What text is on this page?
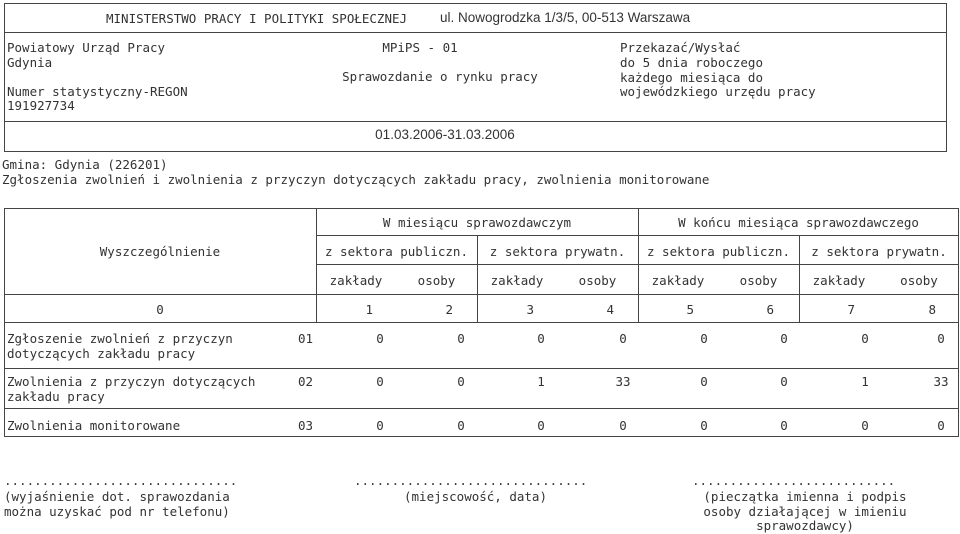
MINISTERSTWO PRACY I POLITYKI SPOŁECZNEJ ul. Nowogrodzka 1/3/5, 00-513 Warszawa
Powiatowy Urząd Pracy
Gdynia
Numer statystyczny-REGON
191927734
MPiPS - 01
Sprawozdanie o rynku pracy
Przekazać/Wysłać
do 5 dnia roboczego
każdego miesiąca do
wojewódzkiego urzędu pracy
01.03.2006-31.03.2006
Gmina: Gdynia (226201)
Zgłoszenia zwolnień i zwolnienia z przyczyn dotyczących zakładu pracy, zwolnienia monitorowane
Wyszczególnienie
W miesiącu sprawozdawczym	W końcu miesiąca sprawozdawczego
z sektora publiczn.	z sektora prywatn.	z sektora publiczn.	z sektora prywatn.
zakłady	osoby	zakłady	osoby	zakłady	osoby	zakłady	osoby
0	1	2	3	4	5	6	7	8
Zgłoszenie zwolnień z przyczyn
dotyczących zakładu pracy
01	0	0	0	0	0	0	0	0
Zwolnienia z przyczyn dotyczących
zakładu pracy
02	0	0	1	33	0	0	1	33
Zwolnienia monitorowane	03	0	0	0	0	0	0	0	0
...............................
(wyjaśnienie dot. sprawozdania
można uzyskać pod nr telefonu)
...............................
(miejscowość, data)
...........................
(pieczątka imienna i podpis
osoby działającej w imieniu
sprawozdawcy)
